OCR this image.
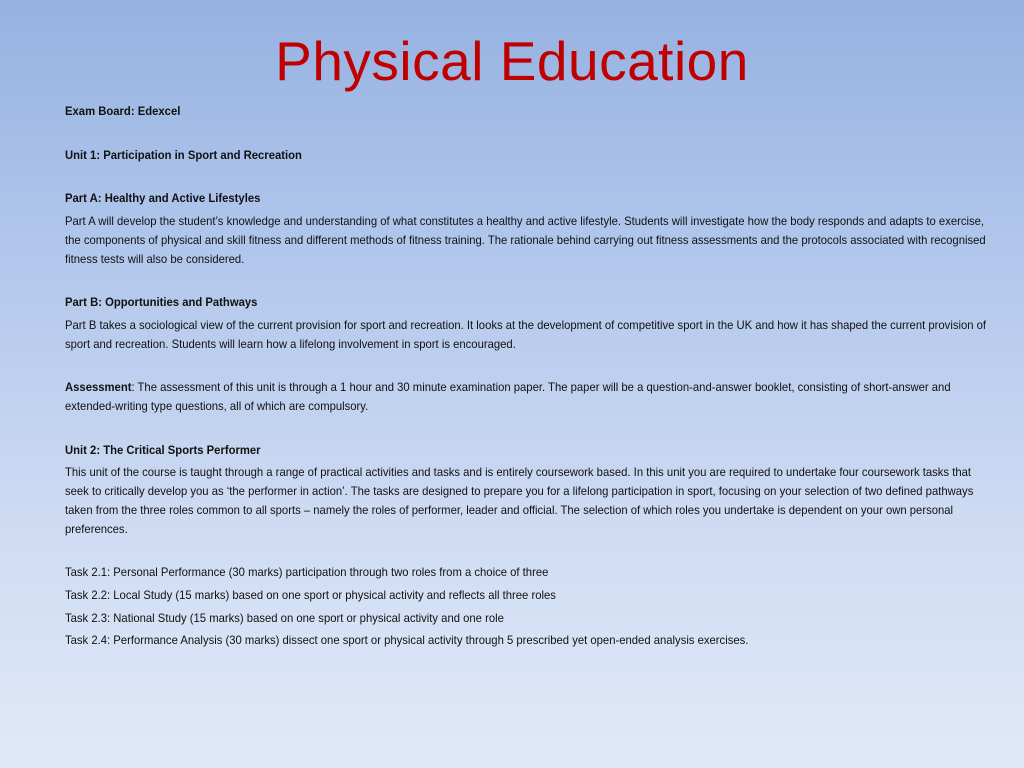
Physical Education

Exam Board: Edexcel

Unit 1: Participation in Sport and Recreation

Part A: Healthy and Active Lifestyles

Part A will develop the student’s knowledge and understanding of what constitutes a healthy and active lifestyle. Students will investigate how the body responds and adapts to exercise, the components of physical and skill fitness and different methods of fitness training. The rationale behind carrying out fitness assessments and the protocols associated with recognised fitness tests will also be considered.

Part B: Opportunities and Pathways

Part B takes a sociological view of the current provision for sport and recreation. It looks at the development of competitive sport in the UK and how it has shaped the current provision of sport and recreation. Students will learn how a lifelong involvement in sport is encouraged.

Assessment: The assessment of this unit is through a 1 hour and 30 minute examination paper. The paper will be a question-and-answer booklet, consisting of short-answer and extended-writing type questions, all of which are compulsory.

Unit 2: The Critical Sports Performer

This unit of the course is taught through a range of practical activities and tasks and is entirely coursework based. In this unit you are required to undertake four coursework tasks that seek to critically develop you as ‘the performer in action’. The tasks are designed to prepare you for a lifelong participation in sport, focusing on your selection of two defined pathways taken from the three roles common to all sports – namely the roles of performer, leader and official. The selection of which roles you undertake is dependent on your own personal preferences.

Task 2.1: Personal Performance (30 marks) participation through two roles from a choice of three

Task 2.2: Local Study (15 marks) based on one sport or physical activity and reflects all three roles

Task 2.3: National Study (15 marks) based on one sport or physical activity and one role

Task 2.4: Performance Analysis (30 marks) dissect one sport or physical activity through 5 prescribed yet open-ended analysis exercises.
